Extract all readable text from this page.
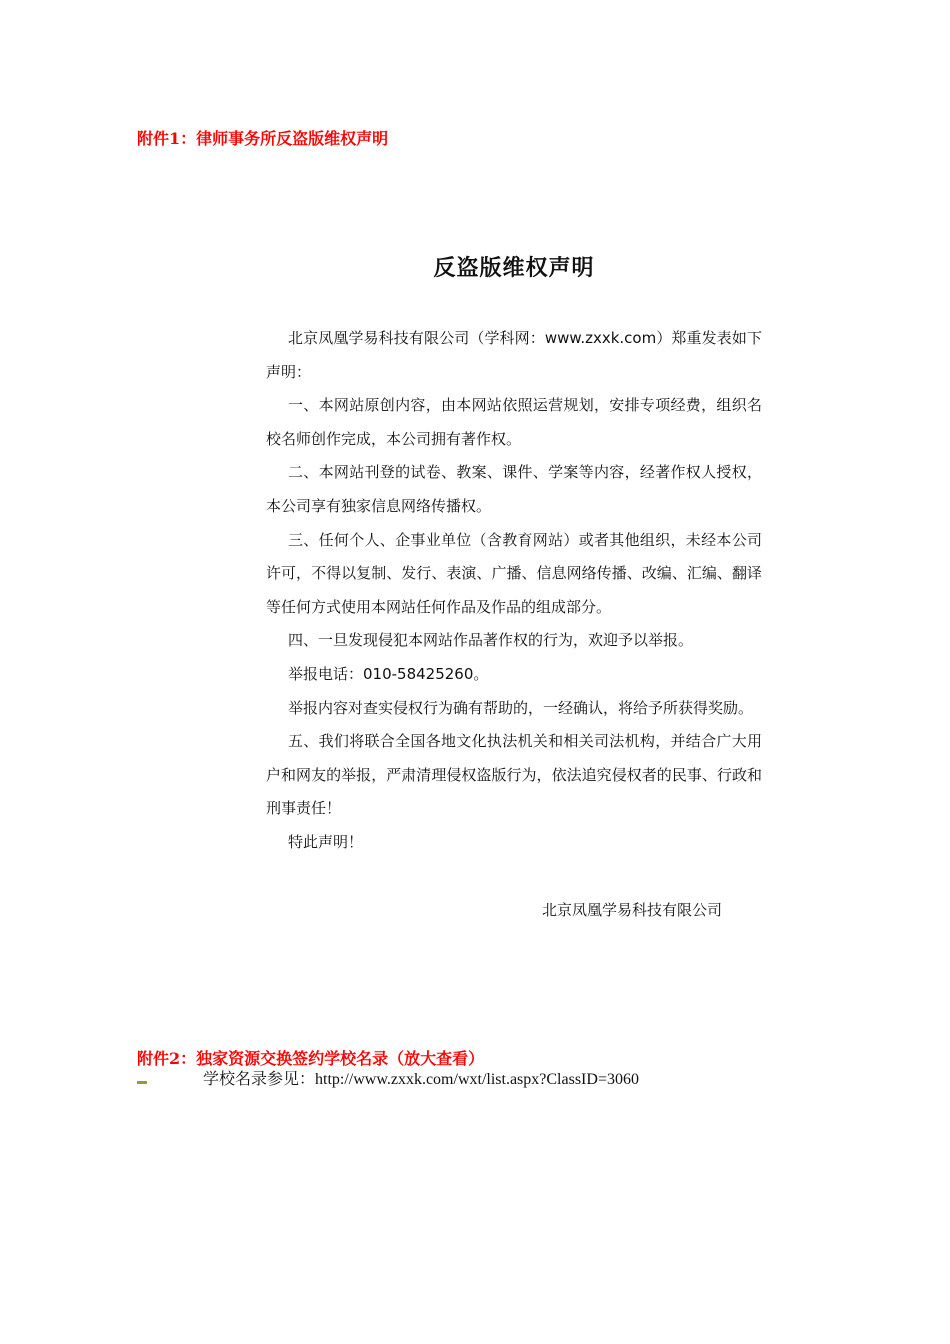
附件1：律师事务所反盗版维权声明
反盗版维权声明

北京凤凰学易科技有限公司（学科网：www.zxxk.com）郑重发表如下声明：

一、本网站原创内容，由本网站依照运营规划，安排专项经费，组织名校名师创作完成，本公司拥有著作权。

二、本网站刊登的试卷、教案、课件、学案等内容，经著作权人授权，本公司享有独家信息网络传播权。

三、任何个人、企事业单位（含教育网站）或者其他组织，未经本公司许可，不得以复制、发行、表演、广播、信息网络传播、改编、汇编、翻译等任何方式使用本网站任何作品及作品的组成部分。

四、一旦发现侵犯本网站作品著作权的行为，欢迎予以举报。

举报电话：010-58425260。

举报内容对查实侵权行为确有帮助的，一经确认，将给予所获得奖励。

五、我们将联合全国各地文化执法机关和相关司法机构，并结合广大用户和网友的举报，严肃清理侵权盗版行为，依法追究侵权者的民事、行政和刑事责任！

特此声明！

北京凤凰学易科技有限公司

附件2：独家资源交换签约学校名录（放大查看）
学校名录参见：http://www.zxxk.com/wxt/list.aspx?ClassID=3060
